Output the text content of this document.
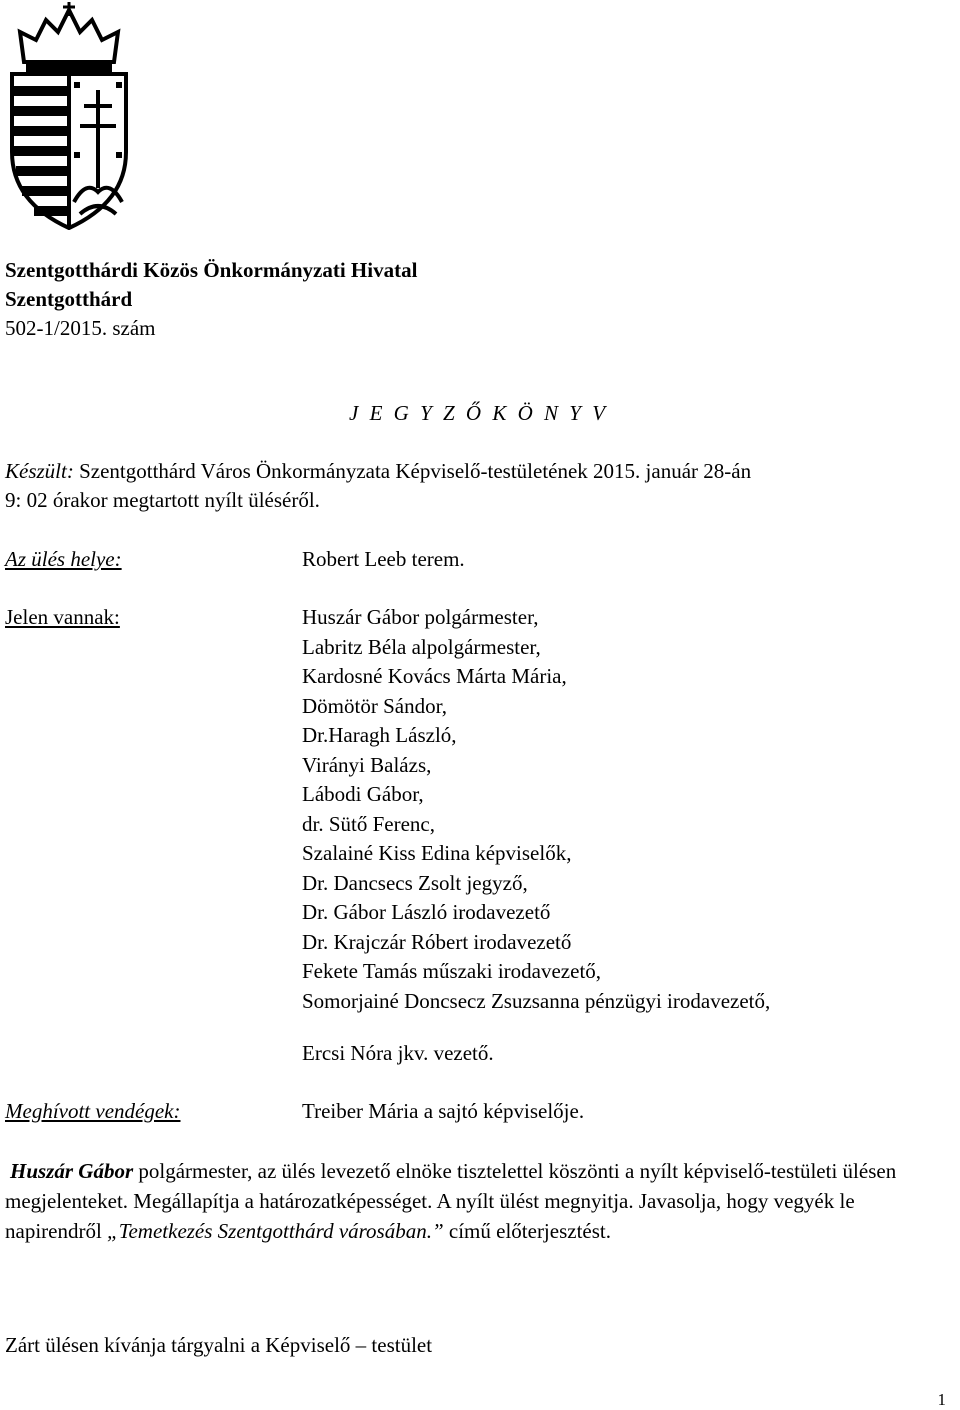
Szentgotthárdi Közös Önkormányzati Hivatal
Szentgotthárd
502-1/2015. szám
J E G Y Z Ő K Ö N Y V
Készült: Szentgotthárd Város Önkormányzata Képviselő-testületének 2015. január 28-án
9: 02 órakor megtartott nyílt üléséről.
Az ülés helye:	Robert Leeb terem.
Jelen vannak:	Huszár Gábor polgármester,
Labritz Béla alpolgármester,
Kardosné Kovács Márta Mária,
Dömötör Sándor,
Dr.Haragh László,
Virányi Balázs,
Lábodi Gábor,
dr. Sütő Ferenc,
Szalainé Kiss Edina képviselők,
Dr. Dancsecs Zsolt jegyző,
Dr. Gábor László irodavezető
Dr. Krajczár Róbert irodavezető
Fekete Tamás műszaki irodavezető,
Somorjainé Doncsecz Zsuzsanna pénzügyi irodavezető,
Ercsi Nóra jkv. vezető.
Meghívott vendégek:	Treiber Mária a sajtó képviselője.
Huszár Gábor polgármester, az ülés levezető elnöke tisztelettel köszönti a nyílt képviselő-testületi ülésen megjelenteket. Megállapítja a határozatképességet. A nyílt ülést megnyitja. Javasolja, hogy vegyék le napirendről „Temetkezés Szentgotthárd városában.” című előterjesztést.
Zárt ülésen kívánja tárgyalni a Képviselő – testület
1
